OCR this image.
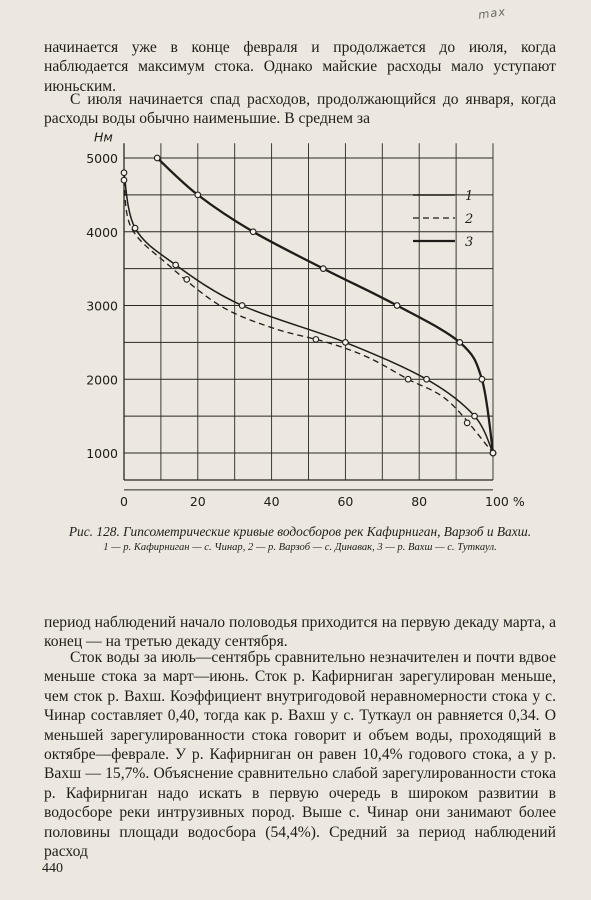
max

начинается уже в конце февраля и продолжается до июля, когда наблюдается максимум стока. Однако майские расходы мало уступают июньским.

С июля начинается спад расходов, продолжающийся до января, когда расходы воды обычно наименьшие. В среднем за

1000
2000
3000
4000
5000
Нм
0	20	40	60	80	100 %
1
2
3
Рис. 128. Гипсометрические кривые водосборов рек Кафирниган, Варзоб и Вахш.
1 — р. Кафирниган — с. Чинар, 2 — р. Варзоб — с. Динавак, 3 — р. Вахш — с. Туткаул.

период наблюдений начало половодья приходится на первую декаду марта, а конец — на третью декаду сентября.

Сток воды за июль—сентябрь сравнительно незначителен и почти вдвое меньше стока за март—июнь. Сток р. Кафирниган зарегулирован меньше, чем сток р. Вахш. Коэффициент внутригодовой неравномерности стока у с. Чинар составляет 0,40, тогда как р. Вахш у с. Туткаул он равняется 0,34. О меньшей зарегулированности стока говорит и объем воды, проходящий в октябре—феврале. У р. Кафирниган он равен 10,4% годового стока, а у р. Вахш — 15,7%. Объяснение сравнительно слабой зарегулированности стока р. Кафирниган надо искать в первую очередь в широком развитии в водосборе реки интрузивных пород. Выше с. Чинар они занимают более половины площади водосбора (54,4%). Средний за период наблюдений расход

440
